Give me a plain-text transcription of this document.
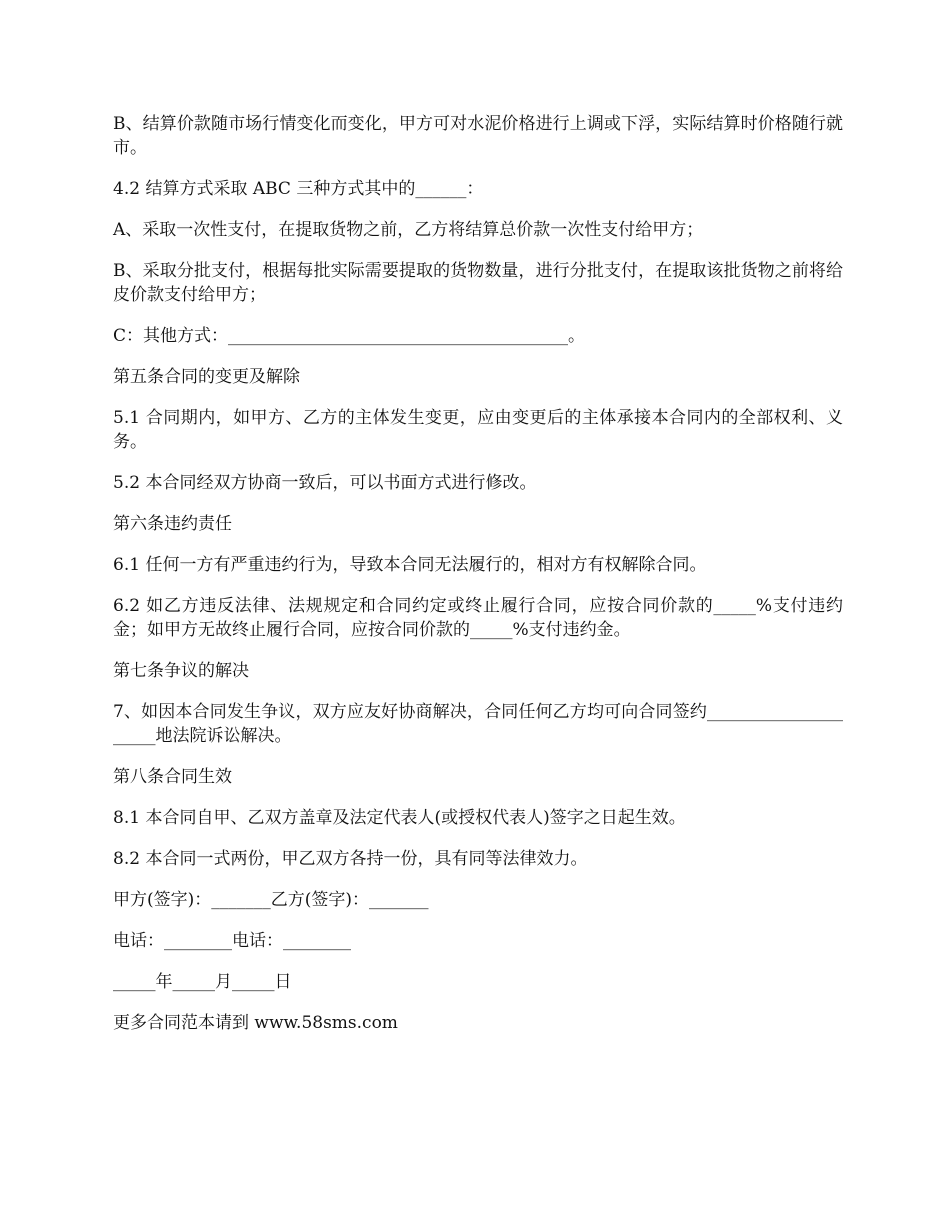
B、结算价款随市场行情变化而变化，甲方可对水泥价格进行上调或下浮，实际结算时价格随行就市。

4.2 结算方式采取 ABC 三种方式其中的______：

A、采取一次性支付，在提取货物之前，乙方将结算总价款一次性支付给甲方；

B、采取分批支付，根据每批实际需要提取的货物数量，进行分批支付，在提取该批货物之前将给皮价款支付给甲方；

C：其他方式：________________________________________。

第五条合同的变更及解除

5.1 合同期内，如甲方、乙方的主体发生变更，应由变更后的主体承接本合同内的全部权利、义务。

5.2 本合同经双方协商一致后，可以书面方式进行修改。

第六条违约责任

6.1 任何一方有严重违约行为，导致本合同无法履行的，相对方有权解除合同。

6.2 如乙方违反法律、法规规定和合同约定或终止履行合同，应按合同价款的_____%支付违约金；如甲方无故终止履行合同，应按合同价款的_____%支付违约金。

第七条争议的解决

7、如因本合同发生争议，双方应友好协商解决，合同任何乙方均可向合同签约_____________________地法院诉讼解决。

第八条合同生效

8.1 本合同自甲、乙双方盖章及法定代表人(或授权代表人)签字之日起生效。

8.2 本合同一式两份，甲乙双方各持一份，具有同等法律效力。

甲方(签字)：_______乙方(签字)：_______

电话：________电话：________

_____年_____月_____日

更多合同范本请到 www.58sms.com
